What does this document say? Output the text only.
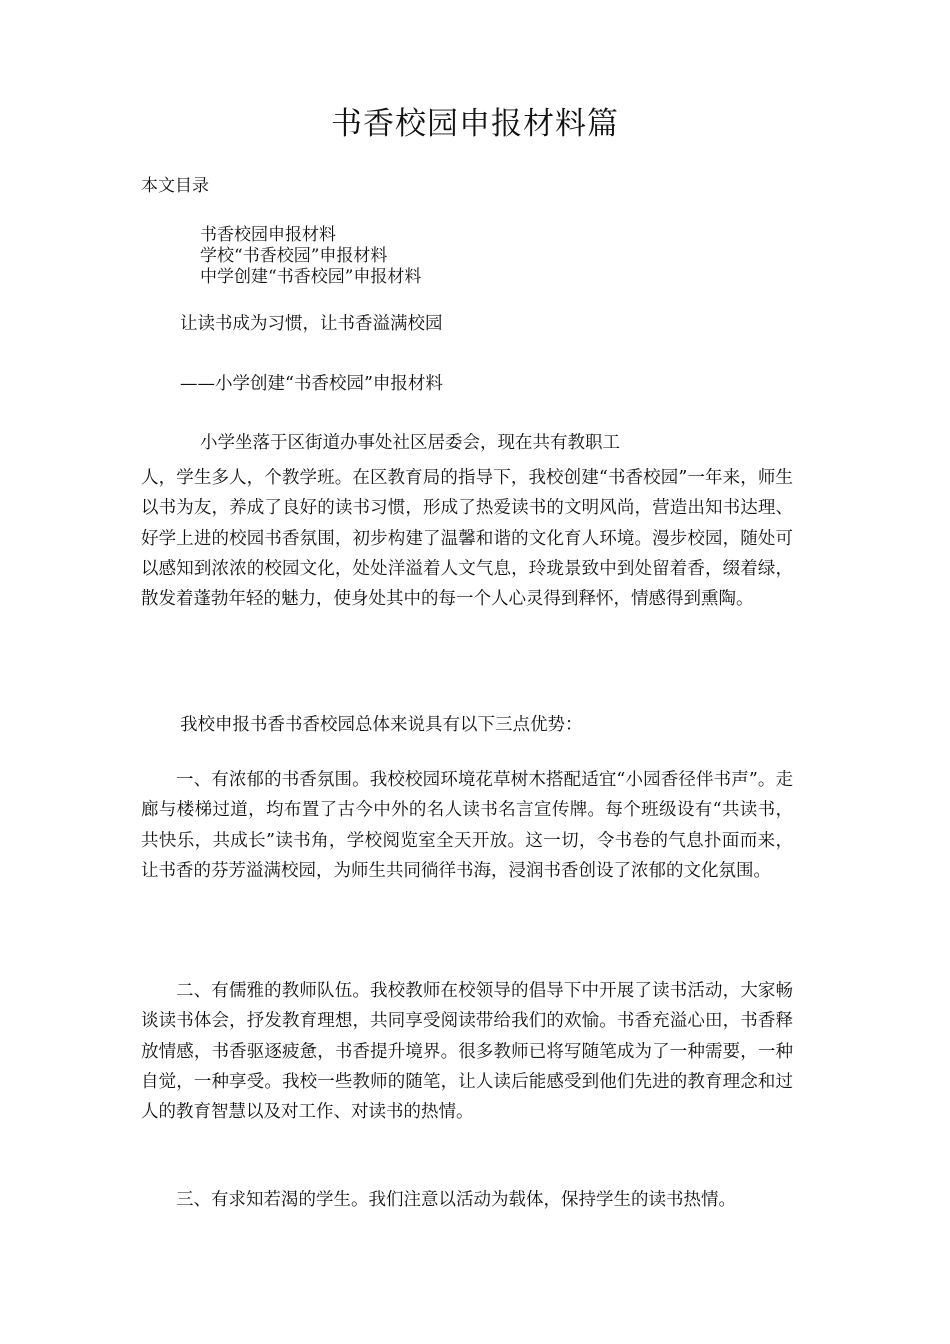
书香校园申报材料篇
本文目录
书香校园申报材料
学校“书香校园”申报材料
中学创建“书香校园”申报材料
让读书成为习惯，让书香溢满校园
——小学创建“书香校园”申报材料
小学坐落于区街道办事处社区居委会，现在共有教职工

人，学生多人，个教学班。在区教育局的指导下，我校创建“书香校园”一年来，师生以书为友，养成了良好的读书习惯，形成了热爱读书的文明风尚，营造出知书达理、好学上进的校园书香氛围，初步构建了温馨和谐的文化育人环境。漫步校园，随处可以感知到浓浓的校园文化，处处洋溢着人文气息，玲珑景致中到处留着香，缀着绿，散发着蓬勃年轻的魅力，使身处其中的每一个人心灵得到释怀，情感得到熏陶。

我校申报书香书香校园总体来说具有以下三点优势：

一、有浓郁的书香氛围。我校校园环境花草树木搭配适宜“小园香径伴书声”。走廊与楼梯过道，均布置了古今中外的名人读书名言宣传牌。每个班级设有“共读书，共快乐，共成长”读书角，学校阅览室全天开放。这一切，令书卷的气息扑面而来，让书香的芬芳溢满校园，为师生共同徜徉书海，浸润书香创设了浓郁的文化氛围。

二、有儒雅的教师队伍。我校教师在校领导的倡导下中开展了读书活动，大家畅谈读书体会，抒发教育理想，共同享受阅读带给我们的欢愉。书香充溢心田，书香释放情感，书香驱逐疲惫，书香提升境界。很多教师已将写随笔成为了一种需要，一种自觉，一种享受。我校一些教师的随笔，让人读后能感受到他们先进的教育理念和过人的教育智慧以及对工作、对读书的热情。

三、有求知若渴的学生。我们注意以活动为载体，保持学生的读书热情。
